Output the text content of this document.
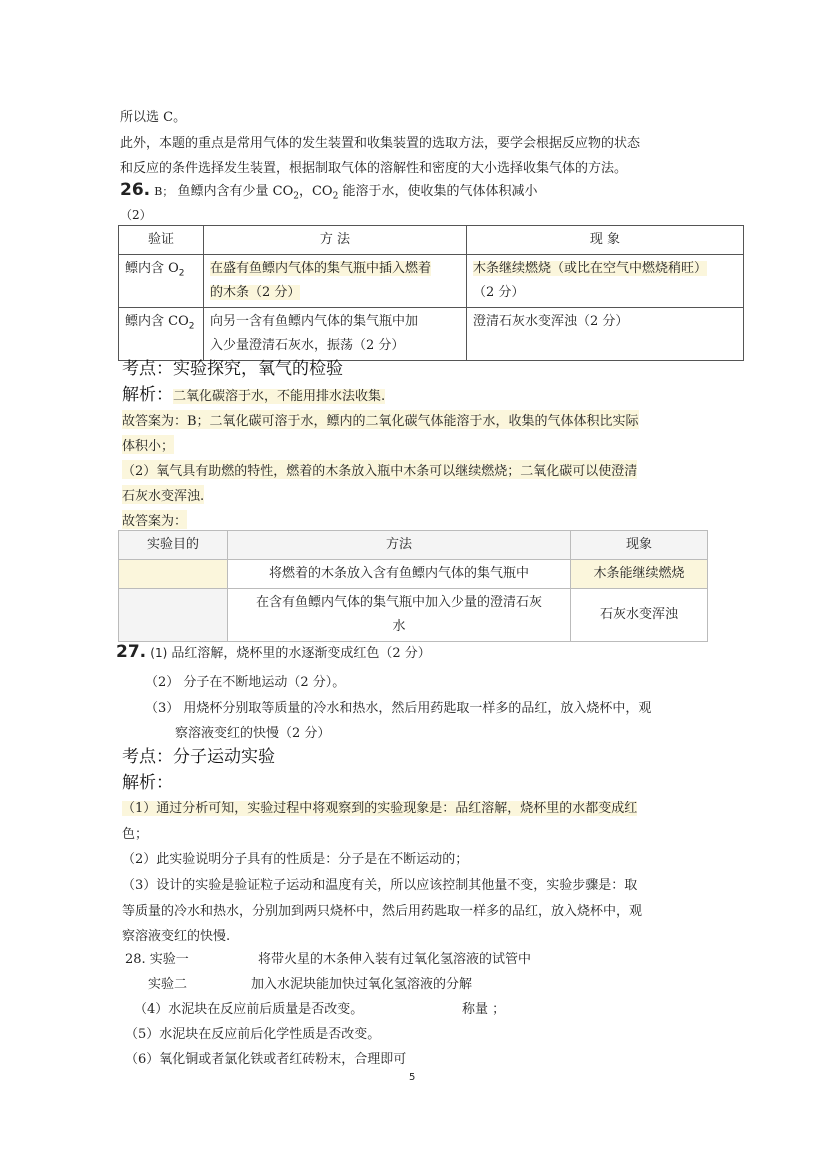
所以选 C。
此外，本题的重点是常用气体的发生装置和收集装置的选取方法，要学会根据反应物的状态
和反应的条件选择发生装置，根据制取气体的溶解性和密度的大小选择收集气体的方法。
26. B； 鱼鳔内含有少量 $CO_2$，$CO_2$ 能溶于水，使收集的气体体积减小
（2）
验证	方 法	现 象
鳔内含 $O_2$	在盛有鱼鳔内气体的集气瓶中插入燃着
的木条（2 分）	木条继续燃烧（或比在空气中燃烧稍旺）
（2 分）
鳔内含 $CO_2$	向另一含有鱼鳔内气体的集气瓶中加
入少量澄清石灰水，振荡（2 分）	澄清石灰水变浑浊（2 分）
考点：实验探究，氧气的检验
解析：二氧化碳溶于水，不能用排水法收集.
故答案为：B；二氧化碳可溶于水，鳔内的二氧化碳气体能溶于水，收集的气体体积比实际
体积小；
（2）氧气具有助燃的特性，燃着的木条放入瓶中木条可以继续燃烧；二氧化碳可以使澄清
石灰水变浑浊.
故答案为：
实验目的	方法	现象
	将燃着的木条放入含有鱼鳔内气体的集气瓶中	木条能继续燃烧
	在含有鱼鳔内气体的集气瓶中加入少量的澄清石灰
水	石灰水变浑浊
27. (1) 品红溶解，烧杯里的水逐渐变成红色（2 分）
（2） 分子在不断地运动（2 分）。
（3） 用烧杯分别取等质量的冷水和热水，然后用药匙取一样多的品红，放入烧杯中，观
察溶液变红的快慢（2 分）
考点：分子运动实验
解析：
（1）通过分析可知，实验过程中将观察到的实验现象是：品红溶解，烧杯里的水都变成红
色；
（2）此实验说明分子具有的性质是：分子是在不断运动的；
（3）设计的实验是验证粒子运动和温度有关，所以应该控制其他量不变，实验步骤是：取
等质量的冷水和热水，分别加到两只烧杯中，然后用药匙取一样多的品红，放入烧杯中，观
察溶液变红的快慢.
28. 实验一	将带火星的木条伸入装有过氧化氢溶液的试管中
实验二	加入水泥块能加快过氧化氢溶液的分解
（4）水泥块在反应前后质量是否改变。	称量 ；
（5）水泥块在反应前后化学性质是否改变。
（6）氧化铜或者氯化铁或者红砖粉末，合理即可
5
